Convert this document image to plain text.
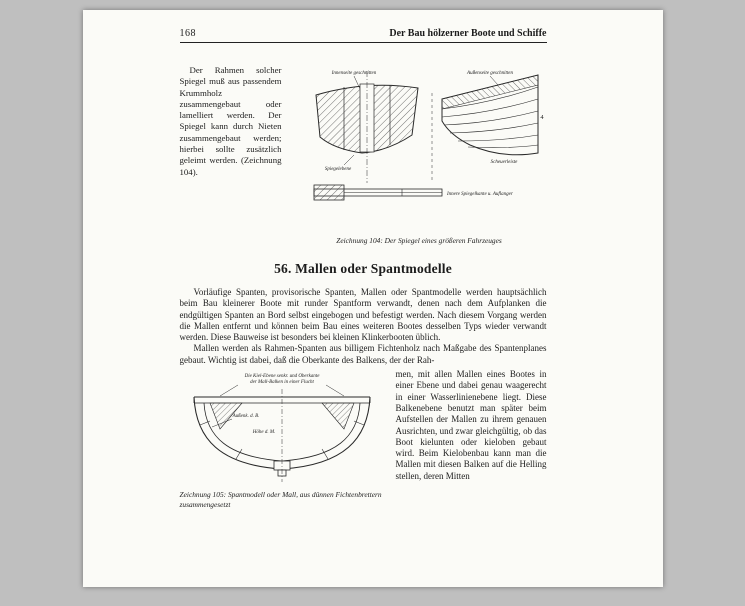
168	Der Bau hölzerner Boote und Schiffe

Der Rahmen solcher Spiegel muß aus passendem Krummholz zusammengebaut oder lamelliert werden. Der Spiegel kann durch Nieten zusammengebaut werden; hierbei sollte zusätzlich geleimt werden. (Zeichnung 104).

Innenseite geschnitten	Außenseite geschnitten
Spiegelebene
Scheuerleiste
4
Innere Spiegelkante u. Auflanger
Zeichnung 104: Der Spiegel eines größeren Fahrzeuges
56. Mallen oder Spantmodelle

Vorläufige Spanten, provisorische Spanten, Mallen oder Spantmodelle werden hauptsächlich beim Bau kleinerer Boote mit runder Spantform verwandt, denen nach dem Aufplanken die endgültigen Spanten an Bord selbst eingebogen und befestigt werden. Nach diesem Vorgang werden die Mallen entfernt und können beim Bau eines weiteren Bootes desselben Typs wieder verwandt werden. Diese Bauweise ist besonders bei kleinen Klinkerbooten üblich.

Mallen werden als Rahmen-Spanten aus billigem Fichtenholz nach Maßgabe des Spantenplanes gebaut. Wichtig ist dabei, daß die Oberkante des Balkens, der der Rah-

Die Kiel-Ebene senkr. und Oberkante
der Mall-Balken in einer Flucht
Außenk. d. B.
Höhe d. M.
Zeichnung 105: Spantmodell oder Mall, aus dünnen Fichtenbrettern zusammengesetzt

men, mit allen Mallen eines Bootes in einer Ebene und dabei genau waagerecht in einer Wasserlinienebene liegt. Diese Balkenebene benutzt man später beim Aufstellen der Mallen zu ihrem genauen Ausrichten, und zwar gleichgültig, ob das Boot kielunten oder kieloben gebaut wird. Beim Kielobenbau kann man die Mallen mit diesen Balken auf die Helling stellen, deren Mitten
